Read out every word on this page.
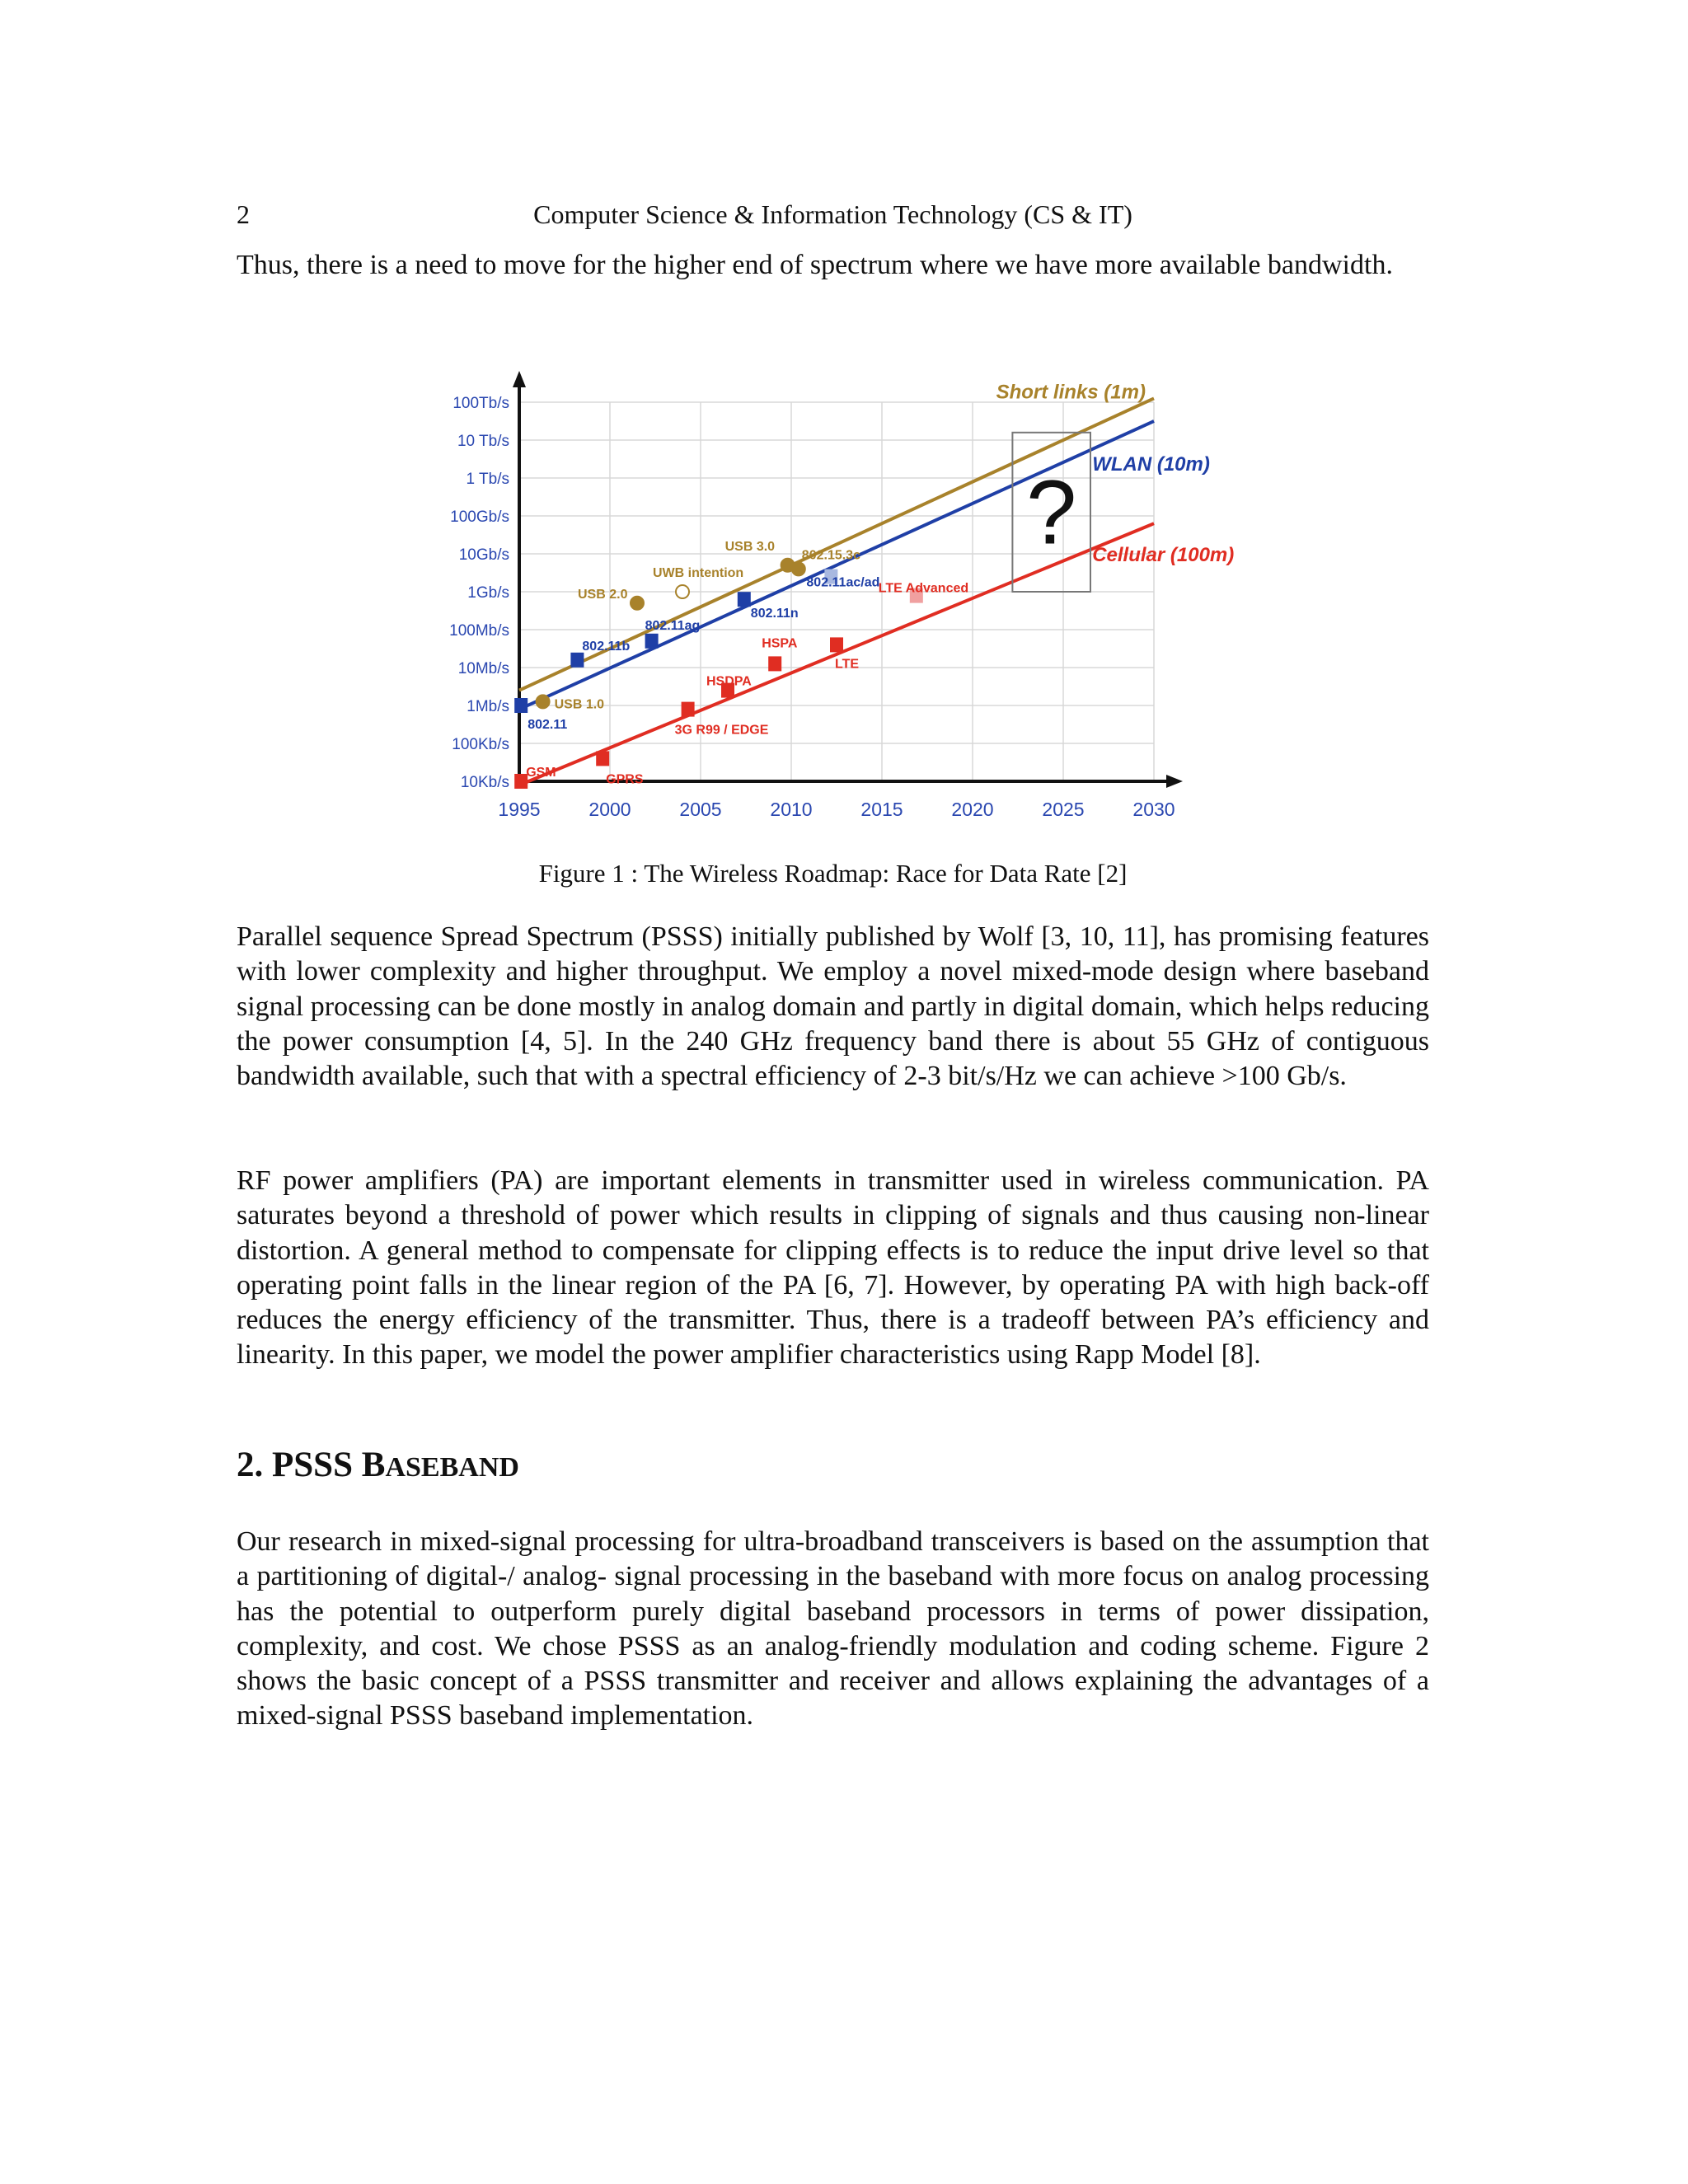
2	Computer Science & Information Technology (CS & IT)

Thus, there is a need to move for the higher end of spectrum where we have more available bandwidth.

1995	2000	2005	2010	2015	2020	2025	2030
10Kb/s
100Kb/s
1Mb/s
10Mb/s
100Mb/s
1Gb/s
10Gb/s
100Gb/s
1 Tb/s
10 Tb/s
100Tb/s
Short links (1m)
WLAN (10m)
Cellular (100m)
?
USB 1.0
USB 2.0
UWB intention
USB 3.0
802.15.3c
802.11
802.11b
802.11ag
802.11n
802.11ac/ad
GSM	GPRS
3G R99 / EDGE
HSDPA
HSPA
LTE
LTE Advanced
Figure 1 : The Wireless Roadmap: Race for Data Rate [2]

Parallel sequence Spread Spectrum (PSSS) initially published by Wolf [3, 10, 11], has promising features with lower complexity and higher throughput. We employ a novel mixed-mode design where baseband signal processing can be done mostly in analog domain and partly in digital domain, which helps reducing the power consumption [4, 5]. In the 240 GHz frequency band there is about 55 GHz of contiguous bandwidth available, such that with a spectral efficiency of 2-3 bit/s/Hz we can achieve >100 Gb/s.

RF power amplifiers (PA) are important elements in transmitter used in wireless communication. PA saturates beyond a threshold of power which results in clipping of signals and thus causing non-linear distortion. A general method to compensate for clipping effects is to reduce the input drive level so that operating point falls in the linear region of the PA [6, 7]. However, by operating PA with high back-off reduces the energy efficiency of the transmitter. Thus, there is a tradeoff between PA’s efficiency and linearity. In this paper, we model the power amplifier characteristics using Rapp Model [8].

2. PSSS BASEBAND

Our research in mixed-signal processing for ultra-broadband transceivers is based on the assumption that a partitioning of digital-/ analog- signal processing in the baseband with more focus on analog processing has the potential to outperform purely digital baseband processors in terms of power dissipation, complexity, and cost. We chose PSSS as an analog-friendly modulation and coding scheme. Figure 2 shows the basic concept of a PSSS transmitter and receiver and allows explaining the advantages of a mixed-signal PSSS baseband implementation.
